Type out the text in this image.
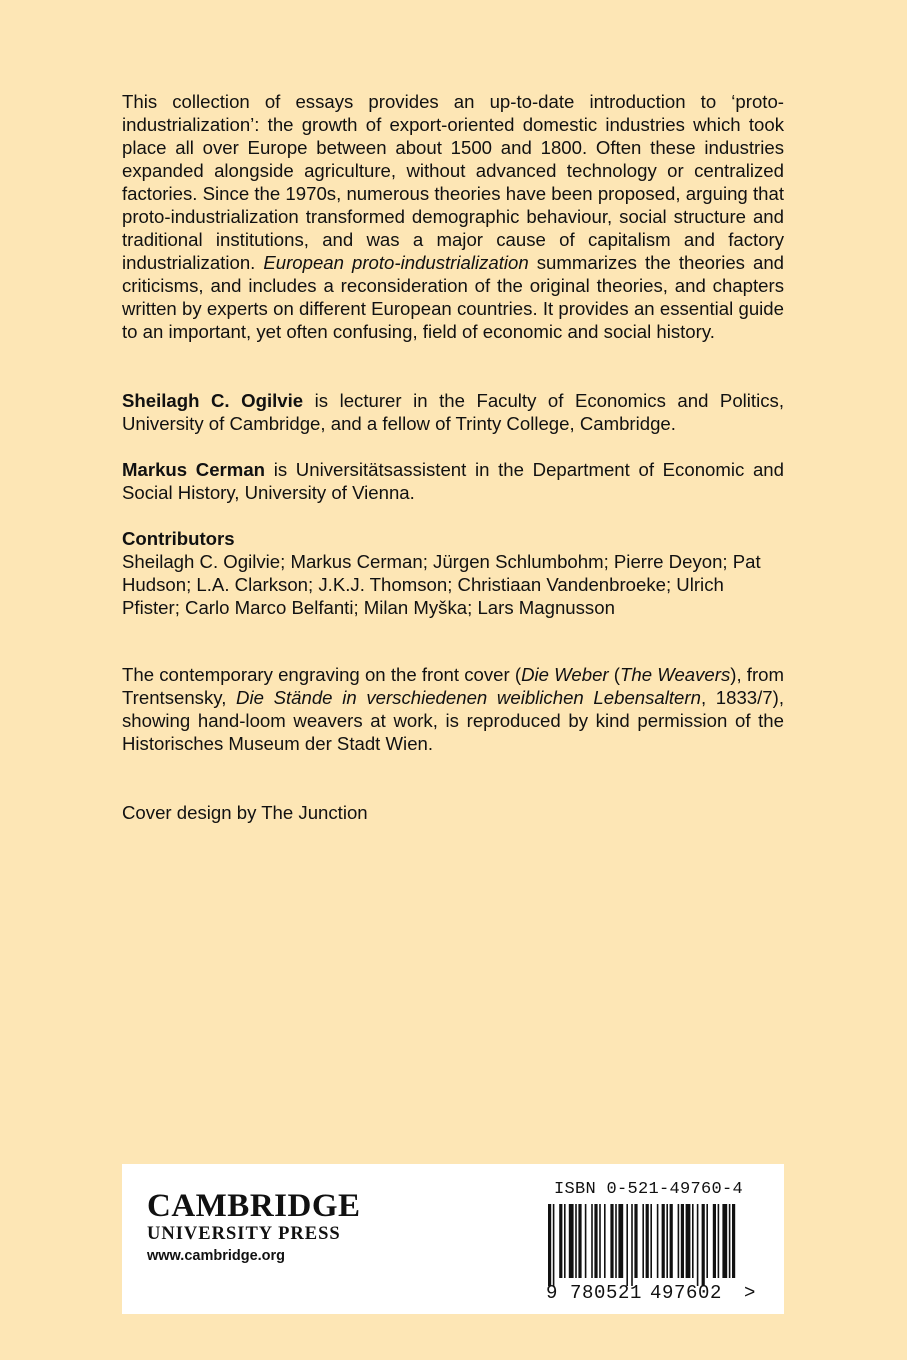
This collection of essays provides an up-to-date introduction to ‘proto-industrialization’: the growth of export-oriented domestic industries which took place all over Europe between about 1500 and 1800. Often these industries expanded alongside agriculture, without advanced technology or centralized factories. Since the 1970s, numerous theories have been proposed, arguing that proto-industrialization transformed demographic behaviour, social structure and traditional institutions, and was a major cause of capitalism and factory industrialization. European proto-industrialization summarizes the theories and criticisms, and includes a reconsideration of the original theories, and chapters written by experts on different European countries. It provides an essential guide to an important, yet often confusing, field of economic and social history.

Sheilagh C. Ogilvie is lecturer in the Faculty of Economics and Politics, University of Cambridge, and a fellow of Trinty College, Cambridge.

Markus Cerman is Universitätsassistent in the Department of Economic and Social History, University of Vienna.

Contributors

Sheilagh C. Ogilvie; Markus Cerman; Jürgen Schlumbohm; Pierre Deyon; Pat Hudson; L.A. Clarkson; J.K.J. Thomson; Christiaan Vandenbroeke; Ulrich Pfister; Carlo Marco Belfanti; Milan Myška; Lars Magnusson

The contemporary engraving on the front cover (Die Weber (The Weavers), from Trentsensky, Die Stände in verschiedenen weiblichen Lebensaltern, 1833/7), showing hand-loom weavers at work, is reproduced by kind permission of the Historisches Museum der Stadt Wien.

Cover design by The Junction
CAMBRIDGE
UNIVERSITY PRESS
www.cambridge.org
ISBN 0-521-49760-4
9 780521 497602 >
